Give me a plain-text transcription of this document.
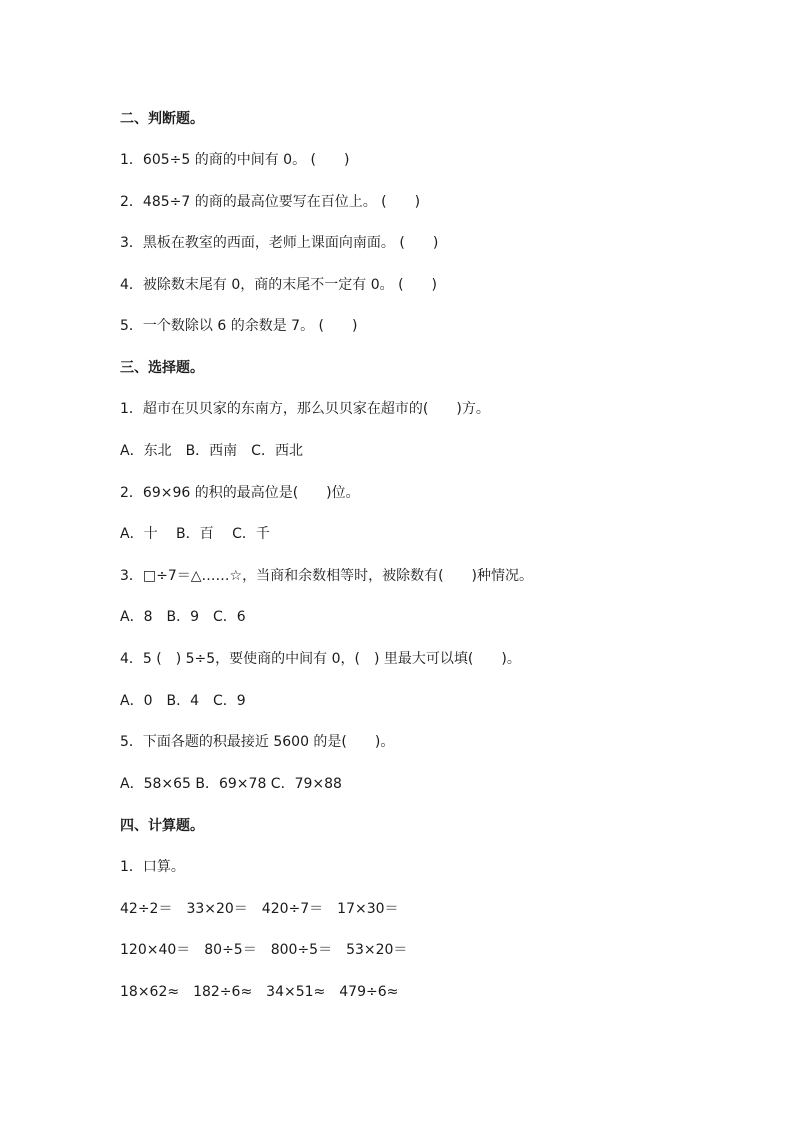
二、判断题。
1．605÷5 的商的中间有 0。 (　　)
2．485÷7 的商的最高位要写在百位上。 (　　)
3．黑板在教室的西面，老师上课面向南面。 (　　)
4．被除数末尾有 0，商的末尾不一定有 0。 (　　)
5．一个数除以 6 的余数是 7。 (　　)
三、选择题。
1．超市在贝贝家的东南方，那么贝贝家在超市的(　　)方。
A．东北　B．西南　C．西北
2．69×96 的积的最高位是(　　)位。
A．十　 B．百　 C．千
3．□÷7＝△……☆，当商和余数相等时，被除数有(　　)种情况。
A．8　B．9　C．6
4．5 (　) 5÷5，要使商的中间有 0，(　) 里最大可以填(　　)。
A．0　B．4　C．9
5．下面各题的积最接近 5600 的是(　　)。
A．58×65 B．69×78 C．79×88
四、计算题。
1．口算。
42÷2＝　33×20＝　420÷7＝　17×30＝
120×40＝　80÷5＝　800÷5＝　53×20＝
18×62≈　182÷6≈　34×51≈　479÷6≈
